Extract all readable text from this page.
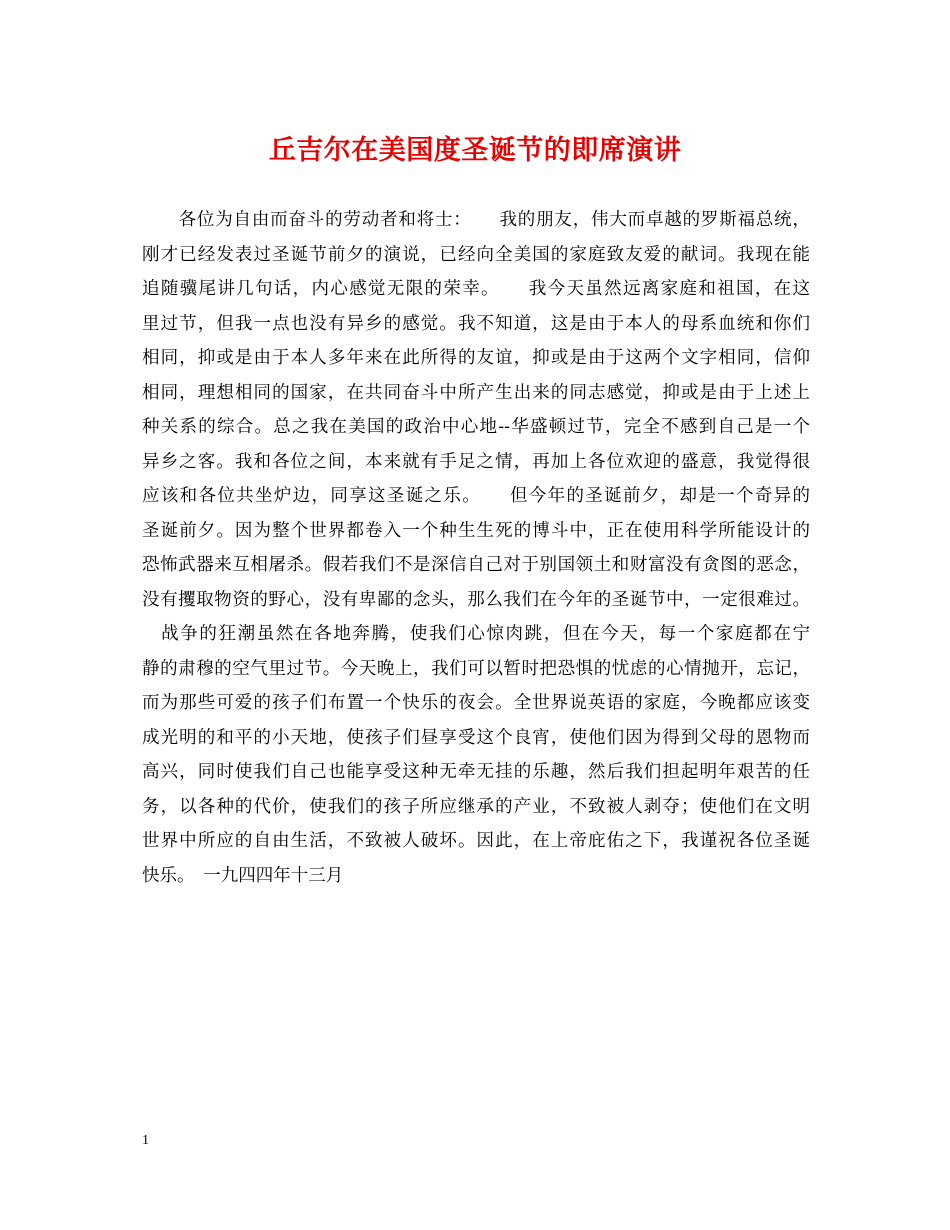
丘吉尔在美国度圣诞节的即席演讲
　　各位为自由而奋斗的劳动者和将士：　　我的朋友，伟大而卓越的罗斯福总统，
刚才已经发表过圣诞节前夕的演说，已经向全美国的家庭致友爱的献词。我现在能
追随骥尾讲几句话，内心感觉无限的荣幸。　　我今天虽然远离家庭和祖国，在这
里过节，但我一点也没有异乡的感觉。我不知道，这是由于本人的母系血统和你们
相同，抑或是由于本人多年来在此所得的友谊，抑或是由于这两个文字相同，信仰
相同，理想相同的国家，在共同奋斗中所产生出来的同志感觉，抑或是由于上述上
种关系的综合。总之我在美国的政治中心地--华盛顿过节，完全不感到自己是一个
异乡之客。我和各位之间，本来就有手足之情，再加上各位欢迎的盛意，我觉得很
应该和各位共坐炉边，同享这圣诞之乐。　　但今年的圣诞前夕，却是一个奇异的
圣诞前夕。因为整个世界都卷入一个种生生死的博斗中，正在使用科学所能设计的
恐怖武器来互相屠杀。假若我们不是深信自己对于别国领土和财富没有贪图的恶念，
没有攫取物资的野心，没有卑鄙的念头，那么我们在今年的圣诞节中，一定很难过。
　战争的狂潮虽然在各地奔腾，使我们心惊肉跳，但在今天，每一个家庭都在宁
静的肃穆的空气里过节。今天晚上，我们可以暂时把恐惧的忧虑的心情抛开，忘记，
而为那些可爱的孩子们布置一个快乐的夜会。全世界说英语的家庭，今晚都应该变
成光明的和平的小天地，使孩子们昼享受这个良宵，使他们因为得到父母的恩物而
高兴，同时使我们自己也能享受这种无牵无挂的乐趣，然后我们担起明年艰苦的任
务，以各种的代价，使我们的孩子所应继承的产业，不致被人剥夺；使他们在文明
世界中所应的自由生活，不致被人破坏。因此，在上帝庇佑之下，我谨祝各位圣诞
快乐。　一九四四年十三月
1
